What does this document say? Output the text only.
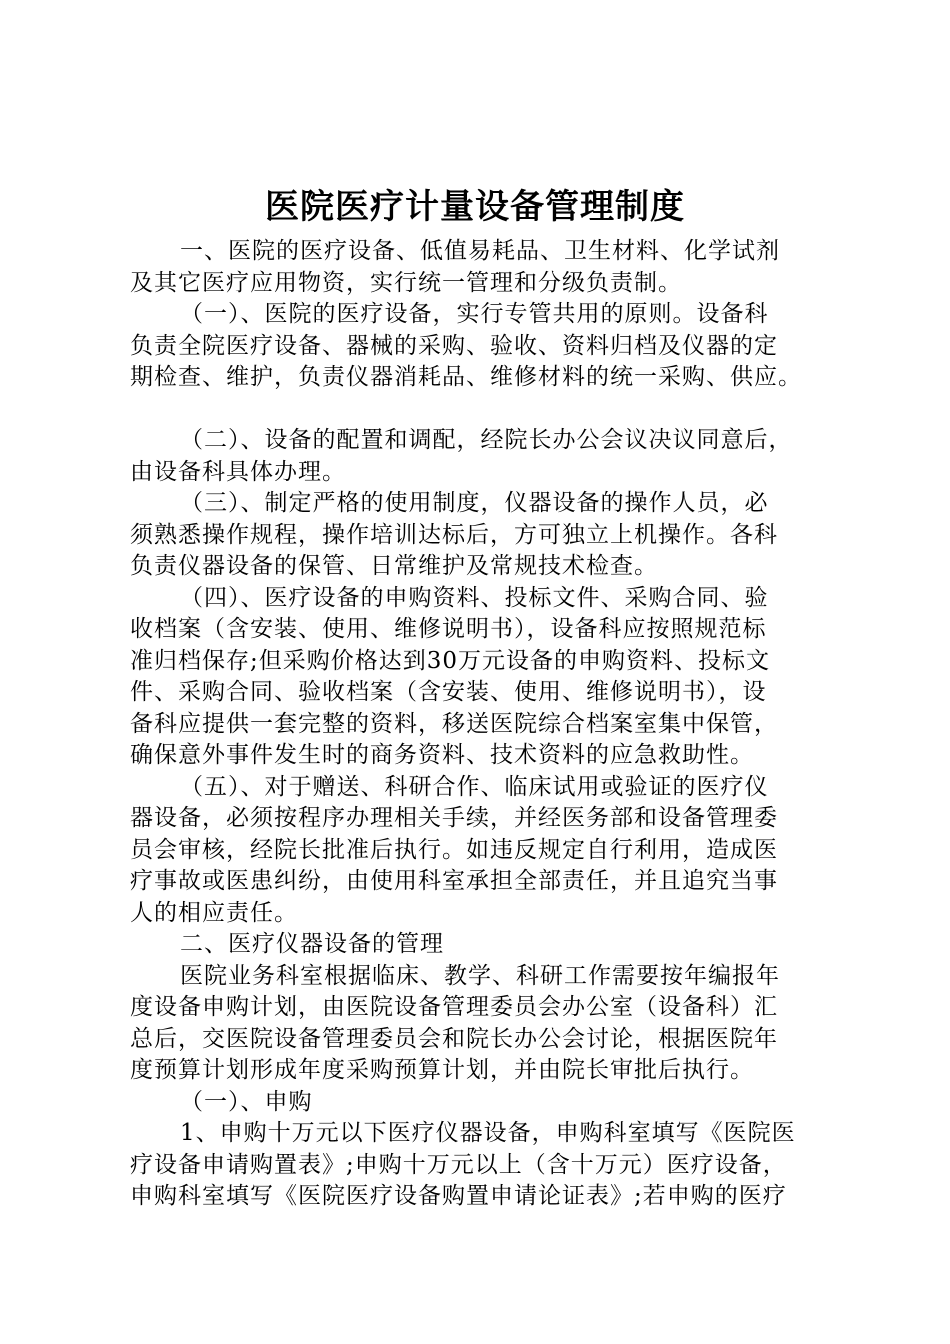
医院医疗计量设备管理制度
一、医院的医疗设备、低值易耗品、卫生材料、化学试剂
及其它医疗应用物资，实行统一管理和分级负责制。
（一）、医院的医疗设备，实行专管共用的原则。设备科
负责全院医疗设备、器械的采购、验收、资料归档及仪器的定
期检查、维护，负责仪器消耗品、维修材料的统一采购、供应。
（二）、设备的配置和调配，经院长办公会议决议同意后，
由设备科具体办理。
（三）、制定严格的使用制度，仪器设备的操作人员，必
须熟悉操作规程，操作培训达标后，方可独立上机操作。各科
负责仪器设备的保管、日常维护及常规技术检查。
（四）、医疗设备的申购资料、投标文件、采购合同、验
收档案（含安装、使用、维修说明书），设备科应按照规范标
准归档保存;但采购价格达到30万元设备的申购资料、投标文
件、采购合同、验收档案（含安装、使用、维修说明书），设
备科应提供一套完整的资料，移送医院综合档案室集中保管，
确保意外事件发生时的商务资料、技术资料的应急救助性。
（五）、对于赠送、科研合作、临床试用或验证的医疗仪
器设备，必须按程序办理相关手续，并经医务部和设备管理委
员会审核，经院长批准后执行。如违反规定自行利用，造成医
疗事故或医患纠纷，由使用科室承担全部责任，并且追究当事
人的相应责任。
二、医疗仪器设备的管理
医院业务科室根据临床、教学、科研工作需要按年编报年
度设备申购计划，由医院设备管理委员会办公室（设备科）汇
总后，交医院设备管理委员会和院长办公会讨论，根据医院年
度预算计划形成年度采购预算计划，并由院长审批后执行。
（一）、申购
1、申购十万元以下医疗仪器设备，申购科室填写《医院医
疗设备申请购置表》;申购十万元以上（含十万元）医疗设备，
申购科室填写《医院医疗设备购置申请论证表》;若申购的医疗
